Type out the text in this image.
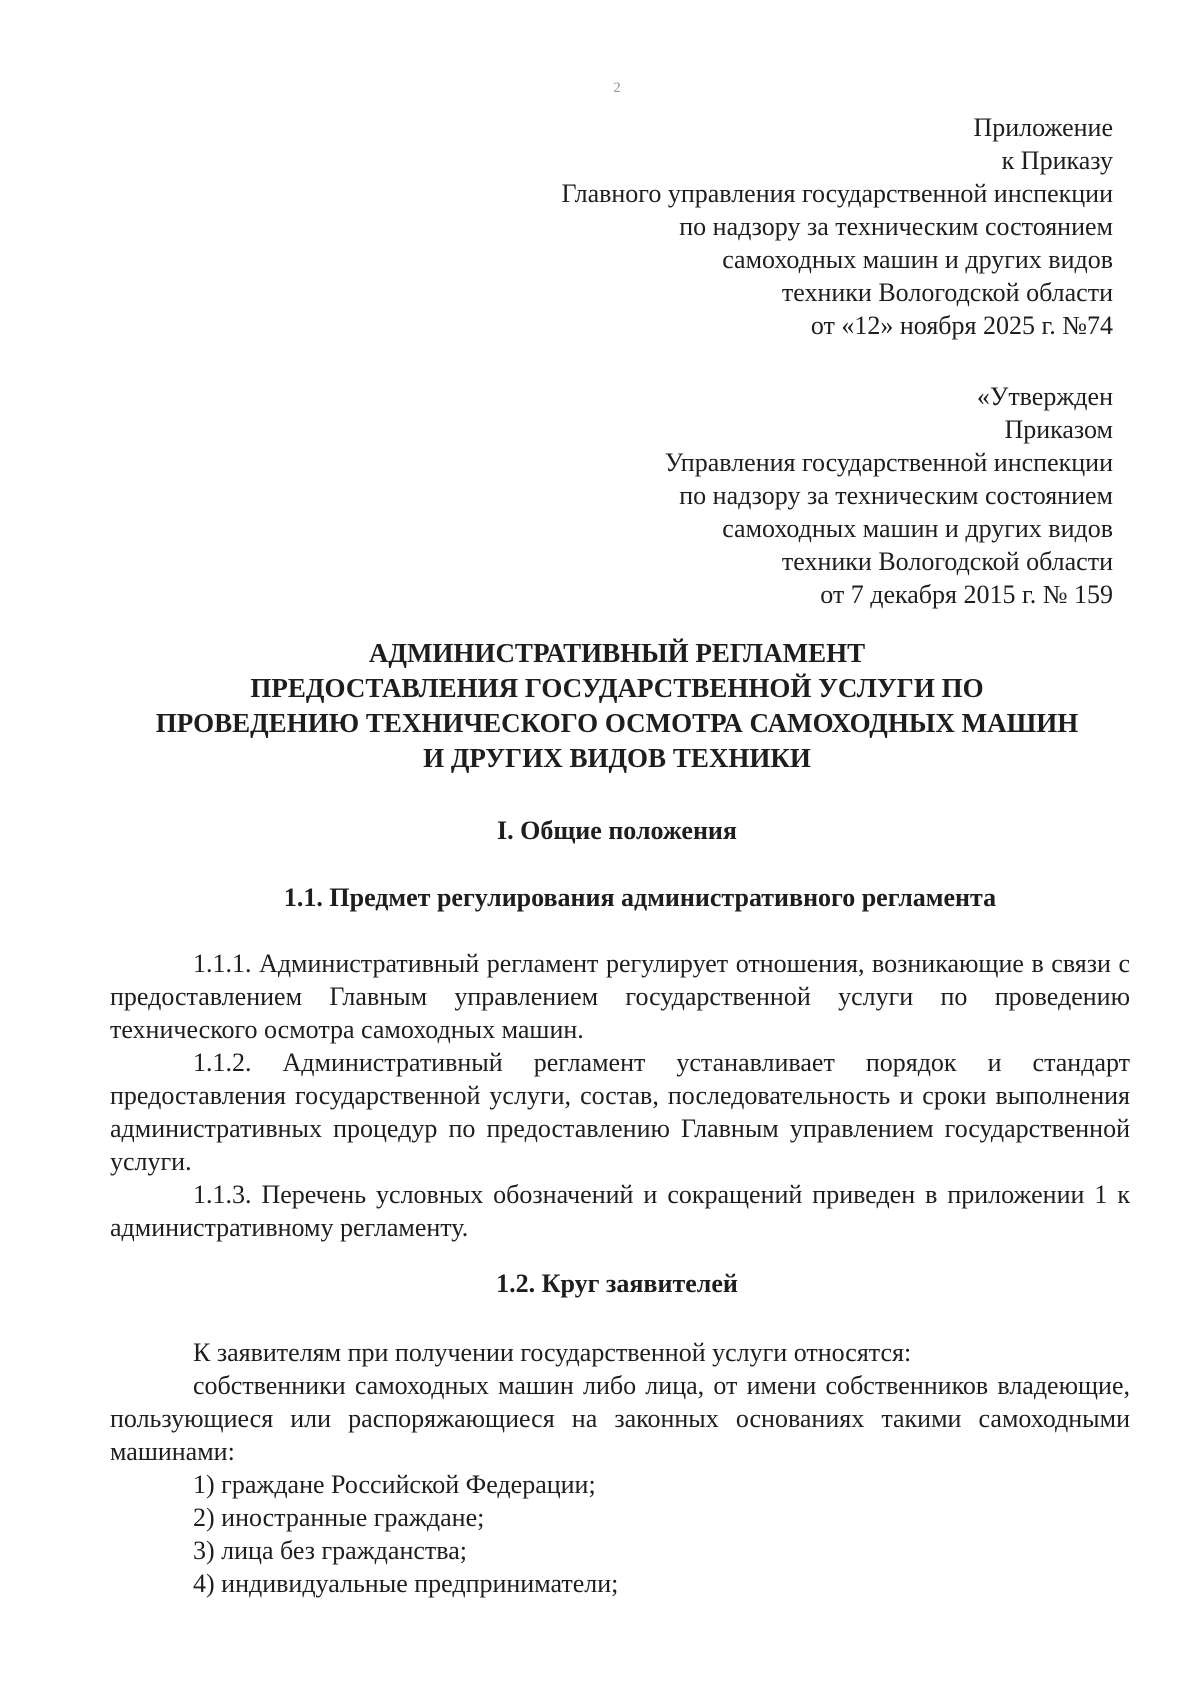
2
Приложение
к Приказу
Главного управления государственной инспекции
по надзору за техническим состоянием
самоходных машин и других видов
техники Вологодской области
от «12» ноября 2025 г. №74
«Утвержден
Приказом
Управления государственной инспекции
по надзору за техническим состоянием
самоходных машин и других видов
техники Вологодской области
от 7 декабря 2015 г. № 159
АДМИНИСТРАТИВНЫЙ РЕГЛАМЕНТ
ПРЕДОСТАВЛЕНИЯ ГОСУДАРСТВЕННОЙ УСЛУГИ ПО
ПРОВЕДЕНИЮ ТЕХНИЧЕСКОГО ОСМОТРА САМОХОДНЫХ МАШИН
И ДРУГИХ ВИДОВ ТЕХНИКИ
I. Общие положения
1.1. Предмет регулирования административного регламента

1.1.1. Административный регламент регулирует отношения, возникающие в связи с предоставлением Главным управлением государственной услуги по проведению технического осмотра самоходных машин.

1.1.2. Административный регламент устанавливает порядок и стандарт предоставления государственной услуги, состав, последовательность и сроки выполнения административных процедур по предоставлению Главным управлением государственной услуги.

1.1.3. Перечень условных обозначений и сокращений приведен в приложении 1 к административному регламенту.

1.2. Круг заявителей

К заявителям при получении государственной услуги относятся:

собственники самоходных машин либо лица, от имени собственников владеющие, пользующиеся или распоряжающиеся на законных основаниях такими самоходными машинами:

1) граждане Российской Федерации;

2) иностранные граждане;

3) лица без гражданства;

4) индивидуальные предприниматели;
